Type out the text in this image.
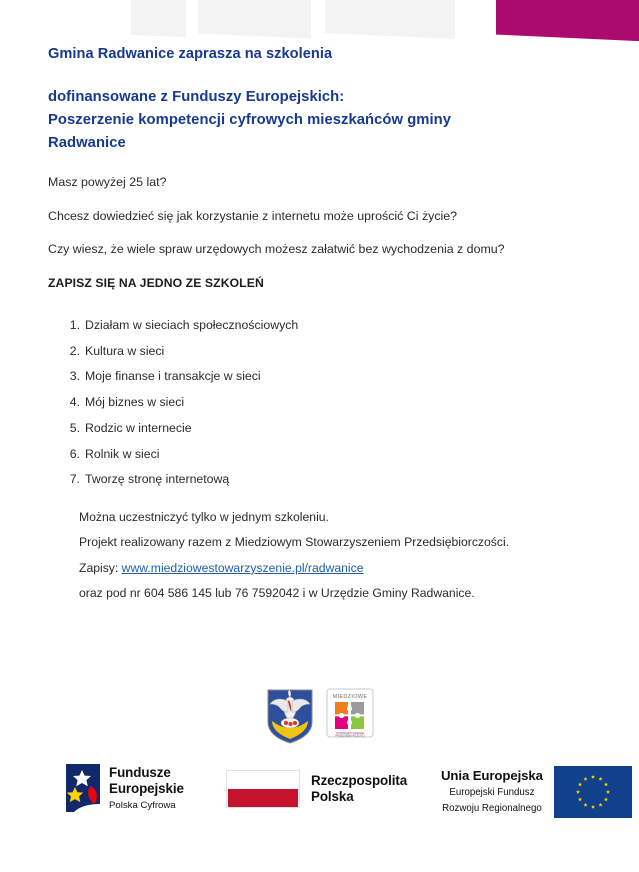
Gmina Radwanice zaprasza na szkolenia
dofinansowane z Funduszy Europejskich:
Poszerzenie kompetencji cyfrowych mieszkańców gminy
Radwanice
Masz powyżej 25 lat?
Chcesz dowiedzieć się jak korzystanie z internetu może uprościć Ci życie?
Czy wiesz, że wiele spraw urzędowych możesz załatwić bez wychodzenia z domu?
ZAPISZ SIĘ NA JEDNO ZE SZKOLEŃ
1. Działam w sieciach społecznościowych
2. Kultura w sieci
3. Moje finanse i transakcje w sieci
4. Mój biznes w sieci
5. Rodzic w internecie
6. Rolnik w sieci
7. Tworzę stronę internetową
Można uczestniczyć tylko w jednym szkoleniu.
Projekt realizowany razem z Miedziowym Stowarzyszeniem Przedsiębiorczości.
Zapisy: www.miedziowestowarzyszenie.pl/radwanice
oraz pod nr 604 586 145 lub 76 7592042 i w Urzędzie Gminy Radwanice.
MIEDZIOWE
STOWARZYSZENIE
PRZEDSIĘBIORCZOŚCI
Fundusze
Europejskie
Polska Cyfrowa
Rzeczpospolita
Polska
Unia Europejska
Europejski Fundusz
Rozwoju Regionalnego
